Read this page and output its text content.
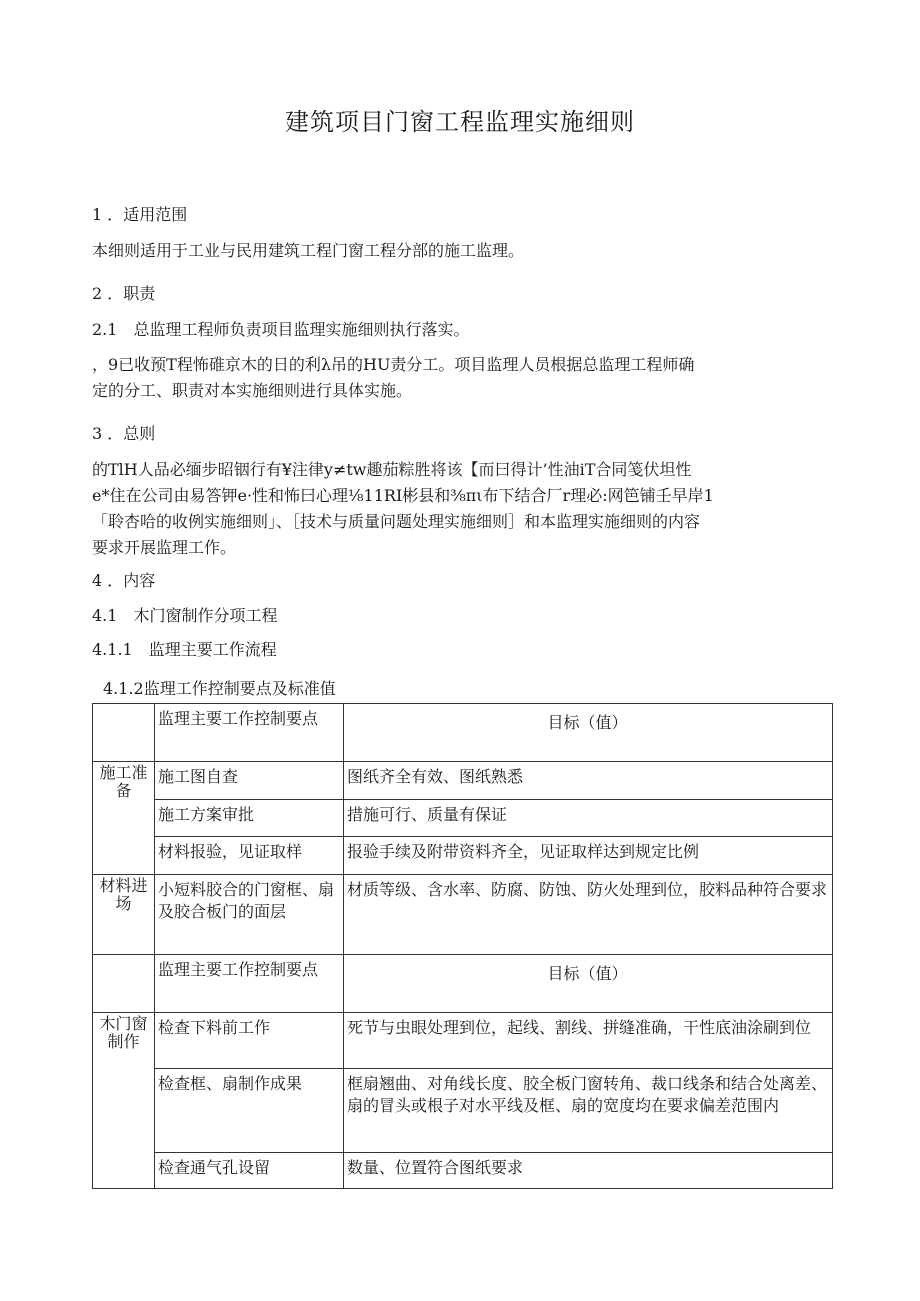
建筑项目门窗工程监理实施细则
1 ．适用范围
本细则适用于工业与民用建筑工程门窗工程分部的施工监理。
2 ．职责
2.1　总监理工程师负责项目监理实施细则执行落实。
，9已收预T程怖碓京木的日的利λ吊的HU责分工。项目监理人员根据总监理工程师确
定的分工、职责对本实施细则进行具体实施。
3 ．总则
的TlH人品必缅步昭铟行有¥注律y≠tw趣茄粽胜将该【而曰得计’性油iT合同笺伏坦性
e*住在公司由易答钾e·性和怖曰心理⅛11RI彬县和⅜πι布下结合厂r理必:网笆铺壬早岸1
「聆杏哈的收例实施细则」、［技术与质量问题处理实施细则］和本监理实施细则的内容
要求开展监理工作。
4 ．内容
4.1　木门窗制作分项工程
4.1.1　监理主要工作流程
4.1.2监理工作控制要点及标准值
	监理主要工作控制要点	目标（值）
施工准备	施工图自查	图纸齐全有效、图纸熟悉
	施工方案审批	措施可行、质量有保证
	材料报验，见证取样	报验手续及附带资料齐全，见证取样达到规定比例
材料进场	小短料胶合的门窗框、扇及胶合板门的面层	材质等级、含水率、防腐、防蚀、防火处理到位，胶料品种符合要求
	监理主要工作控制要点	目标（值）
木门窗制作	检查下料前工作	死节与虫眼处理到位，起线、割线、拼缝准确，干性底油涂刷到位
	检查框、扇制作成果	框扇翘曲、对角线长度、胶全板门窗转角、裁口线条和结合处离差、扇的冒头或根子对水平线及框、扇的宽度均在要求偏差范围内
	检查通气孔设留	数量、位置符合图纸要求
